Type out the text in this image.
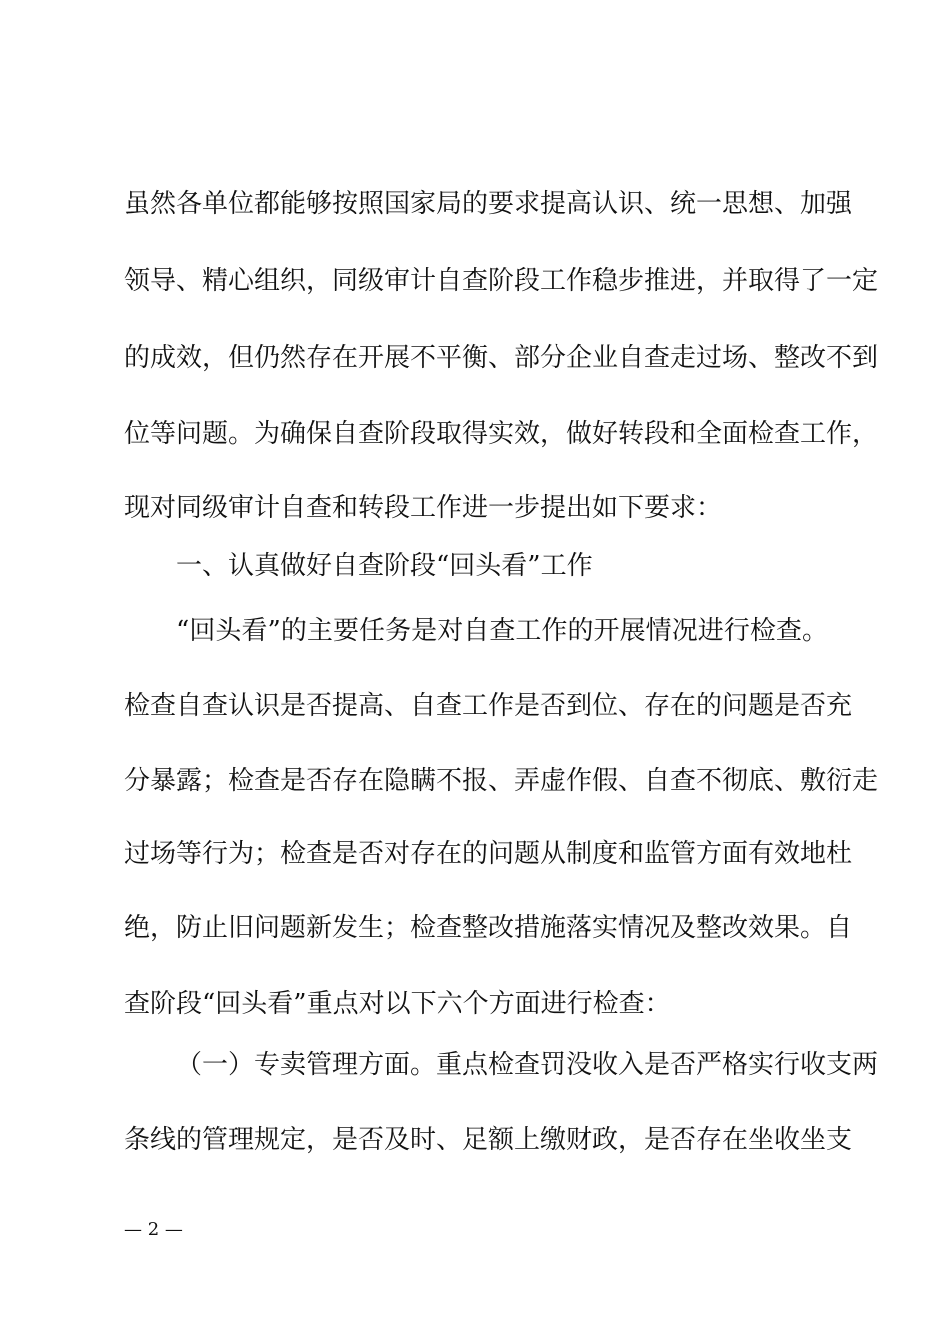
虽然各单位都能够按照国家局的要求提高认识、统一思想、加强
领导、精心组织，同级审计自查阶段工作稳步推进，并取得了一定
的成效，但仍然存在开展不平衡、部分企业自查走过场、整改不到
位等问题。为确保自查阶段取得实效，做好转段和全面检查工作，
现对同级审计自查和转段工作进一步提出如下要求：
一、认真做好自查阶段“回头看”工作
“回头看”的主要任务是对自查工作的开展情况进行检查。
检查自查认识是否提高、自查工作是否到位、存在的问题是否充
分暴露；检查是否存在隐瞒不报、弄虚作假、自查不彻底、敷衍走
过场等行为；检查是否对存在的问题从制度和监管方面有效地杜
绝，防止旧问题新发生；检查整改措施落实情况及整改效果。自
查阶段“回头看”重点对以下六个方面进行检查：
（一）专卖管理方面。重点检查罚没收入是否严格实行收支两
条线的管理规定，是否及时、足额上缴财政，是否存在坐收坐支
— 2 —
